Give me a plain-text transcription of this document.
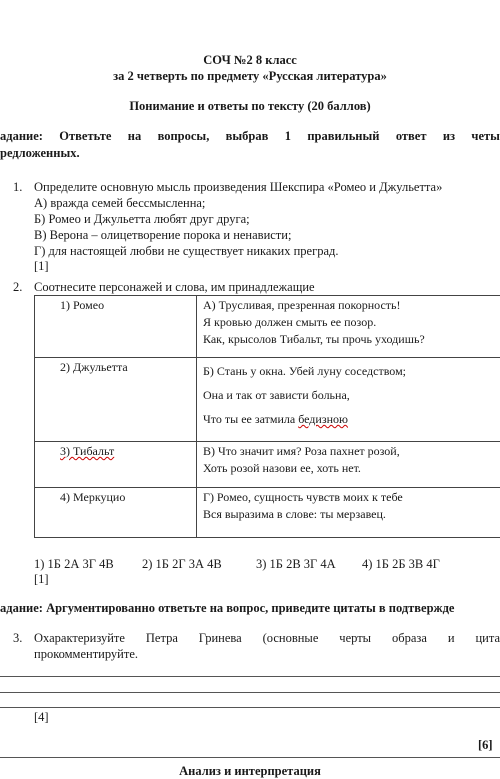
СОЧ №2 8 класс
за 2 четверть по предмету «Русская литература»
Понимание и ответы по тексту (20 баллов)
адание: Ответьте на вопросы, выбрав 1 правильный ответ из четы
редложенных.
1. Определите основную мысль произведения Шекспира «Ромео и Джульетта»
А) вражда семей бессмысленна;
Б) Ромео и Джульетта любят друг друга;
В) Верона – олицетворение порока и ненависти;
Г) для настоящей любви не существует никаких преград.
[1]
2. Соотнесите персонажей и слова, им принадлежащие
1) Ромео	А) Трусливая, презренная покорность!
Я кровью должен смыть ее позор.
Как, крысолов Тибальт, ты прочь уходишь?

2) Джульетта	Б) Стань у окна. Убей луну соседством;
Она и так от зависти больна,
Что ты ее затмила бедизною

3) Тибальт	В) Что значит имя? Роза пахнет розой,
Хоть розой назови ее, хоть нет.

4) Меркуцио	Г) Ромео, сущность чувств моих к тебе
Вся выразима в слове: ты мерзавец.
1) 1Б 2А 3Г 4В 2) 1Б 2Г 3А 4В	3) 1Б 2В 3Г 4А 4) 1Б 2Б 3В 4Г
[1]
адание: Аргументированно ответьте на вопрос, приведите цитаты в подтвержде
3. Охарактеризуйте Петра Гринева (основные черты образа и цита
прокомментируйте.
[4]
[6]
Анализ и интерпретация
